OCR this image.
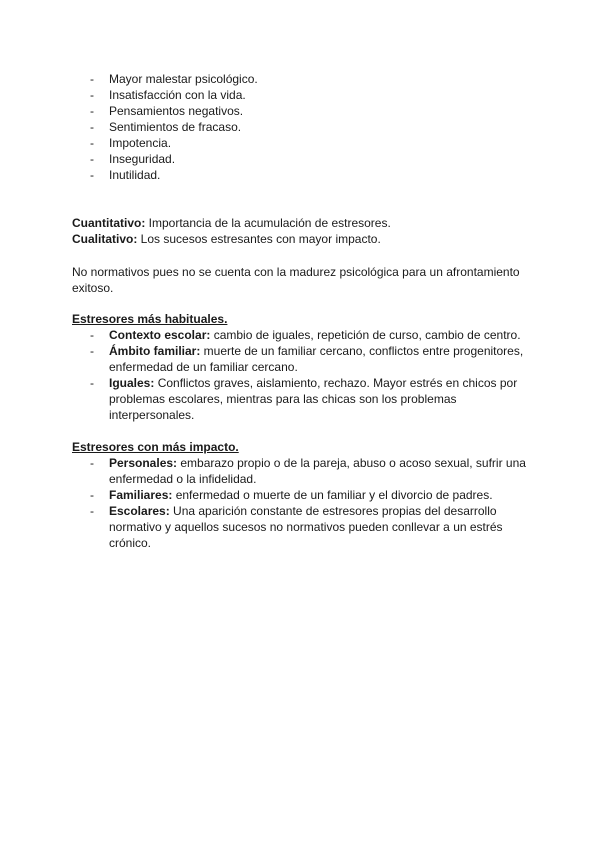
- Mayor malestar psicológico.
- Insatisfacción con la vida.
- Pensamientos negativos.
- Sentimientos de fracaso.
- Impotencia.
- Inseguridad.
- Inutilidad.
Cuantitativo: Importancia de la acumulación de estresores.
Cualitativo: Los sucesos estresantes con mayor impacto.
No normativos pues no se cuenta con la madurez psicológica para un afrontamiento exitoso.
Estresores más habituales.
- Contexto escolar: cambio de iguales, repetición de curso, cambio de centro.
- Ámbito familiar: muerte de un familiar cercano, conflictos entre progenitores, enfermedad de un familiar cercano.
- Iguales: Conflictos graves, aislamiento, rechazo. Mayor estrés en chicos por problemas escolares, mientras para las chicas son los problemas interpersonales.
Estresores con más impacto.
- Personales: embarazo propio o de la pareja, abuso o acoso sexual, sufrir una enfermedad o la infidelidad.
- Familiares: enfermedad o muerte de un familiar y el divorcio de padres.
- Escolares: Una aparición constante de estresores propias del desarrollo normativo y aquellos sucesos no normativos pueden conllevar a un estrés crónico.
